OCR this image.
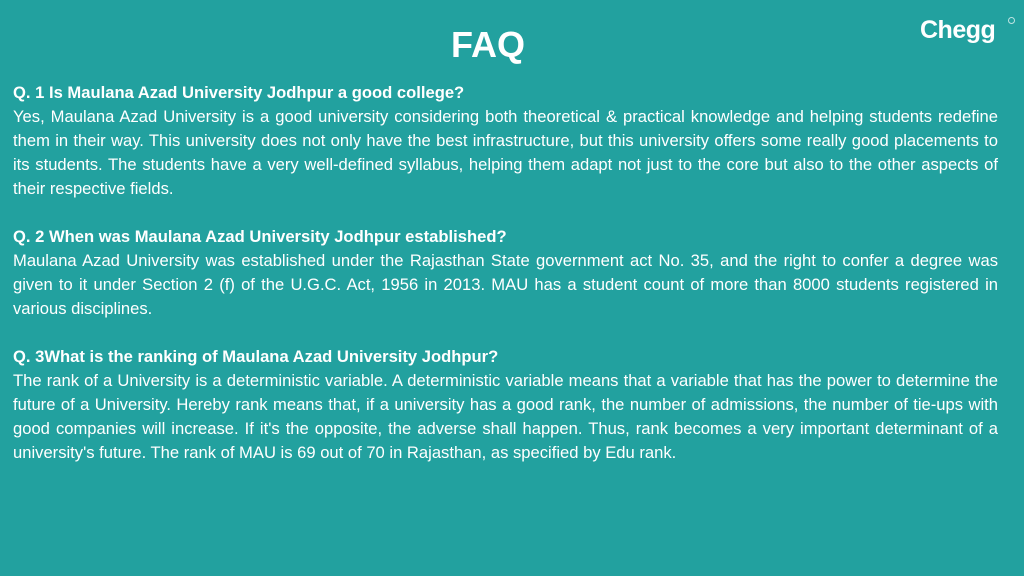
FAQ	Chegg

Q. 1 Is Maulana Azad University Jodhpur a good college?

Yes, Maulana Azad University is a good university considering both theoretical & practical knowledge and helping students redefine them in their way. This university does not only have the best infrastructure, but this university offers some really good placements to its students. The students have a very well-defined syllabus, helping them adapt not just to the core but also to the other aspects of their respective fields.

Q. 2 When was Maulana Azad University Jodhpur established?

Maulana Azad University was established under the Rajasthan State government act No. 35, and the right to confer a degree was given to it under Section 2 (f) of the U.G.C. Act, 1956 in 2013. MAU has a student count of more than 8000 students registered in various disciplines.

Q. 3What is the ranking of Maulana Azad University Jodhpur?

The rank of a University is a deterministic variable. A deterministic variable means that a variable that has the power to determine the future of a University. Hereby rank means that, if a university has a good rank, the number of admissions, the number of tie-ups with good companies will increase. If it's the opposite, the adverse shall happen. Thus, rank becomes a very important determinant of a university's future. The rank of MAU is 69 out of 70 in Rajasthan, as specified by Edu rank.
